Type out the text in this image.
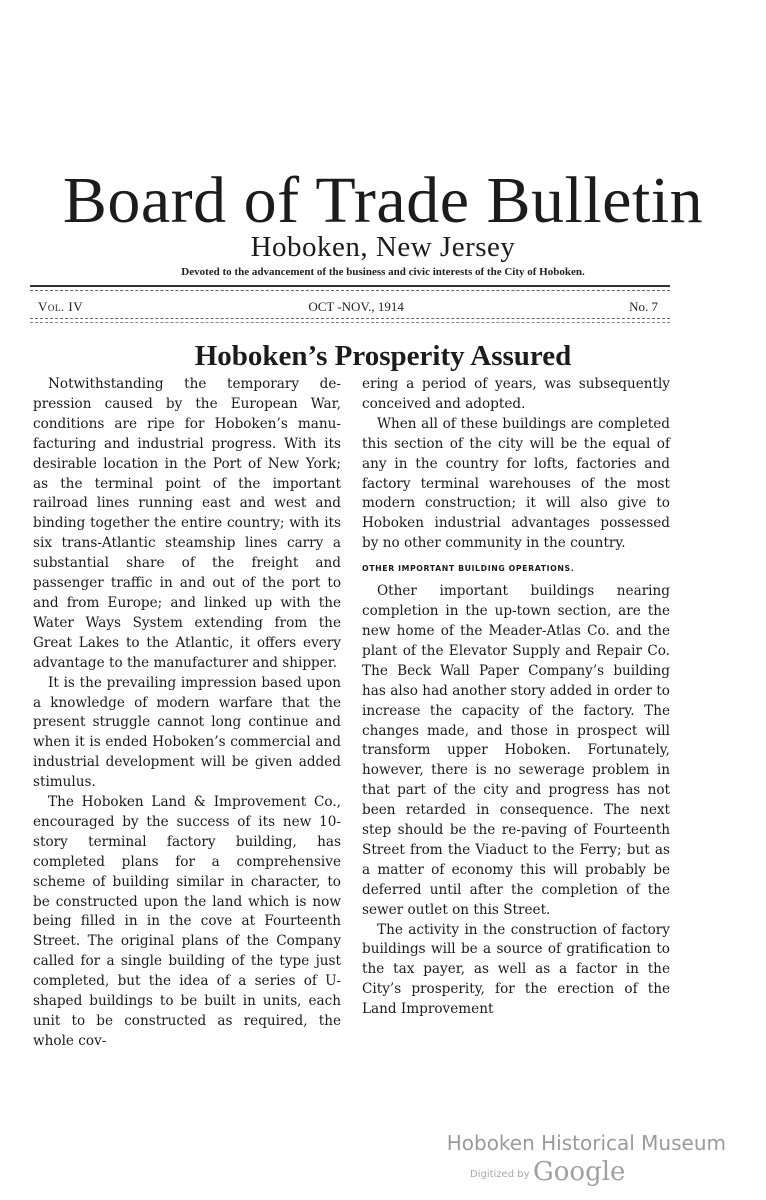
Board of Trade Bulletin
Hoboken, New Jersey
Devoted to the advancement of the business and civic interests of the City of Hoboken.
Vol. IV	OCT -NOV., 1914	No. 7
Hoboken’s Prosperity Assured

Notwithstanding the temporary depression caused by the European War, conditions are ripe for Hoboken’s manufacturing and industrial progress. With its desirable location in the Port of New York; as the terminal point of the important railroad lines running east and west and binding together the entire country; with its six trans-Atlantic steamship lines carry a substantial share of the freight and passenger traffic in and out of the port to and from Europe; and linked up with the Water Ways System extending from the Great Lakes to the Atlantic, it offers every advantage to the manufacturer and shipper.

It is the prevailing impression based upon a knowledge of modern warfare that the present struggle cannot long continue and when it is ended Hoboken’s commercial and industrial development will be given added stimulus.

The Hoboken Land & Improvement Co., encouraged by the success of its new 10-story terminal factory building, has completed plans for a comprehensive scheme of building similar in character, to be constructed upon the land which is now being filled in in the cove at Fourteenth Street. The original plans of the Company called for a single building of the type just completed, but the idea of a series of U-shaped buildings to be built in units, each unit to be constructed as required, the whole cov-

ering a period of years, was subsequently conceived and adopted.

When all of these buildings are completed this section of the city will be the equal of any in the country for lofts, factories and factory terminal warehouses of the most modern construction; it will also give to Hoboken industrial advantages possessed by no other community in the country.

OTHER IMPORTANT BUILDING OPERATIONS.

Other important buildings nearing completion in the up-town section, are the new home of the Meader-Atlas Co. and the plant of the Elevator Supply and Repair Co. The Beck Wall Paper Company’s building has also had another story added in order to increase the capacity of the factory. The changes made, and those in prospect will transform upper Hoboken. Fortunately, however, there is no sewerage problem in that part of the city and progress has not been retarded in consequence. The next step should be the re-paving of Fourteenth Street from the Viaduct to the Ferry; but as a matter of economy this will probably be deferred until after the completion of the sewer outlet on this Street.

The activity in the construction of factory buildings will be a source of gratification to the tax payer, as well as a factor in the City’s prosperity, for the erection of the Land Improvement

Hoboken Historical Museum
Digitized by Google
